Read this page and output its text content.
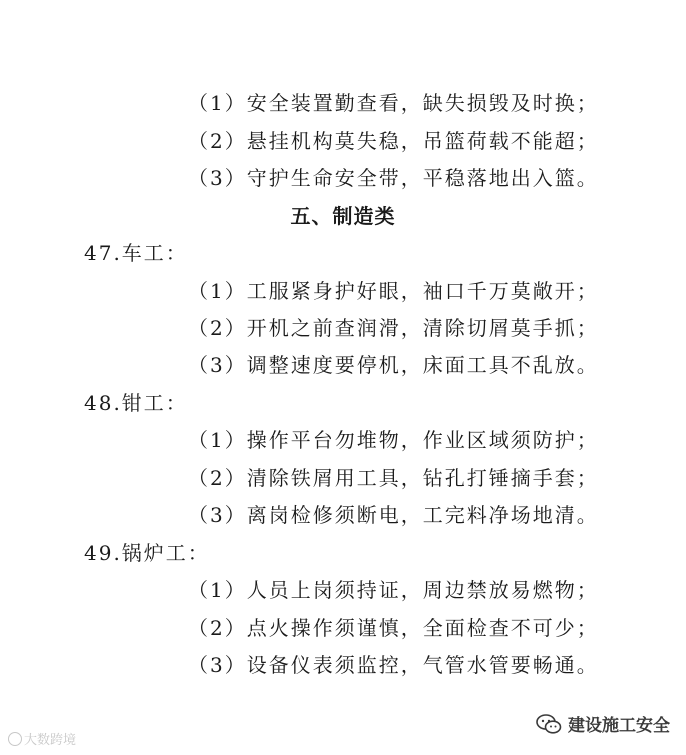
（1）安全装置勤查看，缺失损毁及时换；
（2）悬挂机构莫失稳，吊篮荷载不能超；
（3）守护生命安全带，平稳落地出入篮。
五、制造类
47.车工：
（1）工服紧身护好眼，袖口千万莫敞开；
（2）开机之前查润滑，清除切屑莫手抓；
（3）调整速度要停机，床面工具不乱放。
48.钳工：
（1）操作平台勿堆物，作业区域须防护；
（2）清除铁屑用工具，钻孔打锤摘手套；
（3）离岗检修须断电，工完料净场地清。
49.锅炉工：
（1）人员上岗须持证，周边禁放易燃物；
（2）点火操作须谨慎，全面检查不可少；
（3）设备仪表须监控，气管水管要畅通。
大数跨境
建设施工安全
